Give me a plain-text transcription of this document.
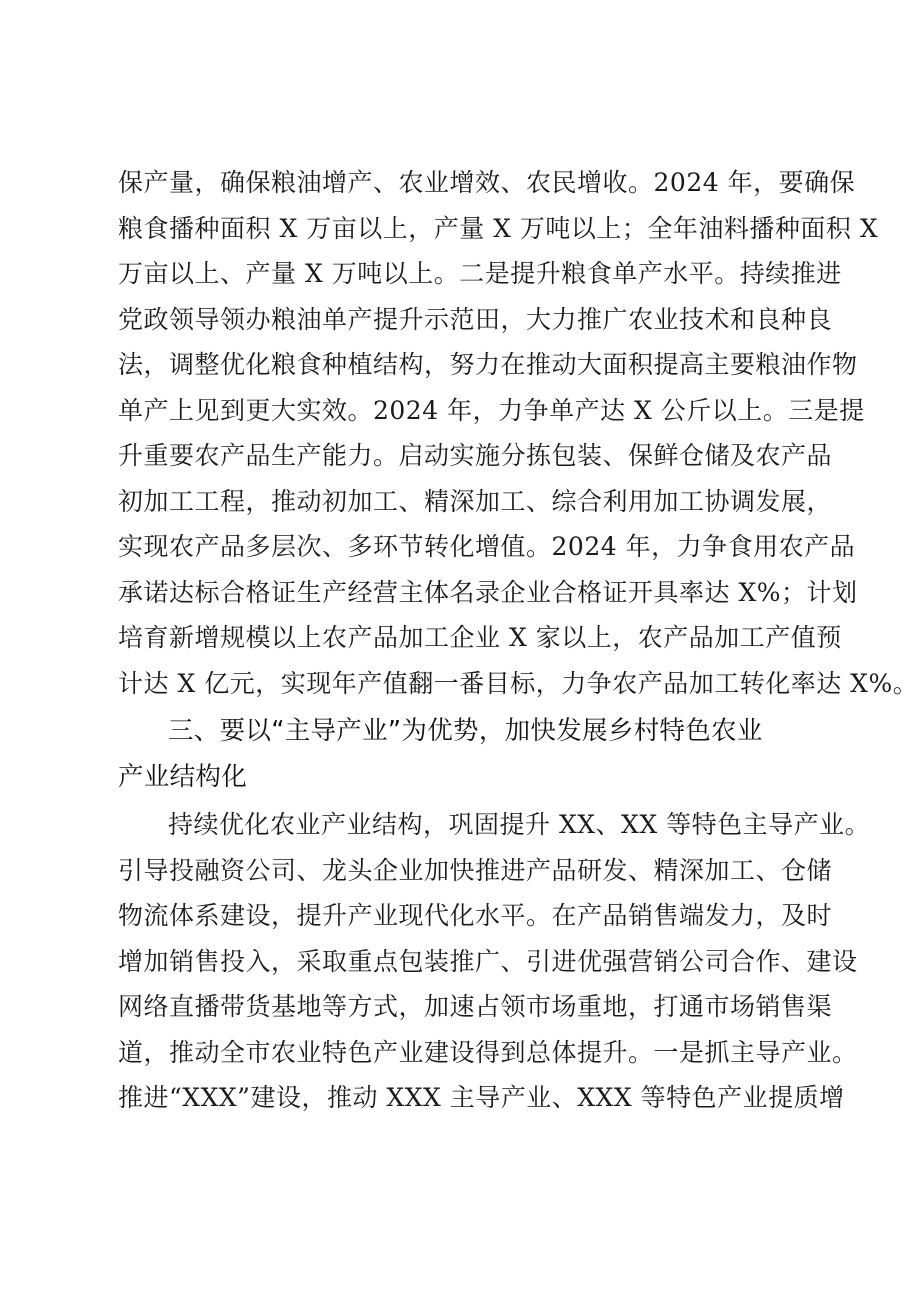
保产量，确保粮油增产、农业增效、农民增收。2024 年，要确保
粮食播种面积 X 万亩以上，产量 X 万吨以上；全年油料播种面积 X
万亩以上、产量 X 万吨以上。二是提升粮食单产水平。持续推进
党政领导领办粮油单产提升示范田，大力推广农业技术和良种良
法，调整优化粮食种植结构，努力在推动大面积提高主要粮油作物
单产上见到更大实效。2024 年，力争单产达 X 公斤以上。三是提
升重要农产品生产能力。启动实施分拣包装、保鲜仓储及农产品
初加工工程，推动初加工、精深加工、综合利用加工协调发展，
实现农产品多层次、多环节转化增值。2024 年，力争食用农产品
承诺达标合格证生产经营主体名录企业合格证开具率达 X%；计划
培育新增规模以上农产品加工企业 X 家以上，农产品加工产值预
计达 X 亿元，实现年产值翻一番目标，力争农产品加工转化率达 X%。
三、要以“主导产业”为优势，加快发展乡村特色农业
产业结构化
持续优化农业产业结构，巩固提升 XX、XX 等特色主导产业。
引导投融资公司、龙头企业加快推进产品研发、精深加工、仓储
物流体系建设，提升产业现代化水平。在产品销售端发力，及时
增加销售投入，采取重点包装推广、引进优强营销公司合作、建设
网络直播带货基地等方式，加速占领市场重地，打通市场销售渠
道，推动全市农业特色产业建设得到总体提升。一是抓主导产业。
推进“XXX”建设，推动 XXX 主导产业、XXX 等特色产业提质增
